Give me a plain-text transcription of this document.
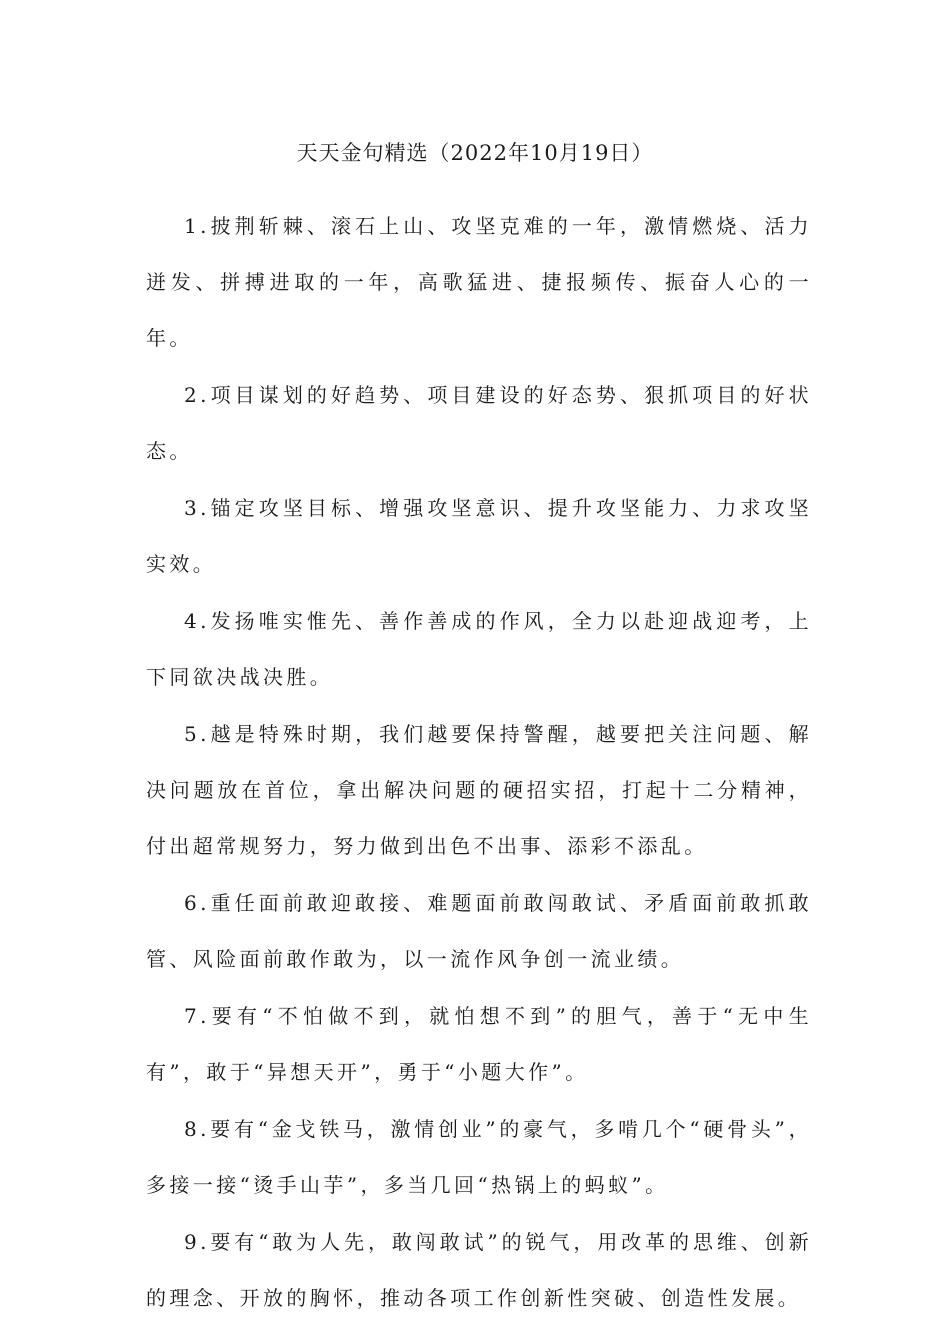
天天金句精选（2022年10月19日）
1.披荆斩棘、滚石上山、攻坚克难的一年，激情燃烧、活力迸发、拼搏进取的一年，高歌猛进、捷报频传、振奋人心的一年。
2.项目谋划的好趋势、项目建设的好态势、狠抓项目的好状态。
3.锚定攻坚目标、增强攻坚意识、提升攻坚能力、力求攻坚实效。
4.发扬唯实惟先、善作善成的作风，全力以赴迎战迎考，上下同欲决战决胜。
5.越是特殊时期，我们越要保持警醒，越要把关注问题、解决问题放在首位，拿出解决问题的硬招实招，打起十二分精神，付出超常规努力，努力做到出色不出事、添彩不添乱。
6.重任面前敢迎敢接、难题面前敢闯敢试、矛盾面前敢抓敢管、风险面前敢作敢为，以一流作风争创一流业绩。
7.要有“不怕做不到，就怕想不到”的胆气，善于“无中生有”，敢于“异想天开”，勇于“小题大作”。
8.要有“金戈铁马，激情创业”的豪气，多啃几个“硬骨头”，多接一接“烫手山芋”，多当几回“热锅上的蚂蚁”。
9.要有“敢为人先，敢闯敢试”的锐气，用改革的思维、创新的理念、开放的胸怀，推动各项工作创新性突破、创造性发展。
